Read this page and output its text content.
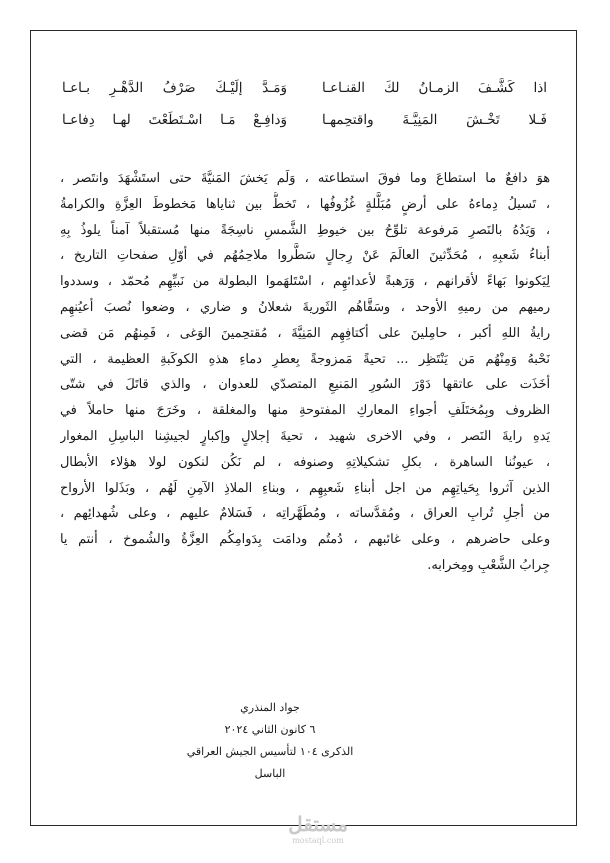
اذا كَشَّـفَ الزمـانُ لكَ القنـاعـا
وَمَـدَّ إلَيْـكَ صَرْفُ الدَّهْـرِ بـاعـا
فَـلا تَخْـشَ المَنِيَّـةَ واقتحِمهـا
وَدافِـعْ مَـا اسْـتَطَعْتَ لهـا دِفاعـا
هوَ دافعٌ ما استطاعَ وما فوقَ استطاعته ، وَلَم يَخشَ المَنيَّةَ حتى استَشْهَدَ وانتَصر ،
، تَسيلُ دِماءهُ على أرضٍ مُبَلَّلةٍ غُزُوفُها ، تَخطُّ بين ثناياها مَخطوطَ العِزَّةِ والكرامةُ
، وَيَدُهُ بالنَصرِ مَرفوعة تلوِّحُ بين خيوطِ الشَّمسِ ناسِجَةً منها مُستقبلاً آمناً يلوذُ بِهِ
أبناءُ شَعبِهِ ، مُحَدِّثينَ العالَمَ عَنْ رِجالٍ سَطَّروا ملاحِمُهُم في أوّلِ صفحاتِ التاريخ ،
لِيَكونوا بَهاءً لأقرانهم ، وَرَهبةً لأعدائهِم ، اسْتَلهَموا البطولة من نَبيِّهِم مُحمّد ، وسددوا
رميهم من رميهِ الأوحد ، وسَقَّاهُم الثَوريةَ شعلانُ و ضاري ، وضعوا نُصبَ أعيُنهِم
رايةُ اللهِ أكبر ، حامِلينَ على أكتافِهِم المَنِيَّةَ ، مُقتحِمينَ الوَغى ، فَمِنهُم مَن قضى
نَحْبهُ وَمِنْهُم مَن يَنْتَظِر ... تحيةً مَمزوجةً بِعطرِ دماءِ هذهِ الكوكَبةِ العظيمة ، التي
أخَذَت على عاتقها دَوْرَ السُورِ المَنيعِ المتصدّي للعدوان ، والذي قاتَلَ في شتّى
الظروف وبِمُختَلَفِ أجواءِ المعاركِ المفتوحةِ منها والمغلقة ، وخَرَجَ منها حاملاً في
يَدهِ رايةَ النَصر ، وفي الاخرى شهيد ، تحيةَ إجلالٍ وإكبارٍ لجيشِنا الباسِلِ المغوار
، عيونُنا الساهرة ، بكلِ تشكيلاتِهِ وصنوفه ، لم نَكُن لنكون لولا هؤلاء الأبطال
الذين آثروا بِحَياتِهِم من اجل أبناءِ شَعبِهِم ، وبناءِ الملاذِ الآمِنِ لَهُم ، وبَذَلوا الأرواح
من أجلِ تُرابِ العراق ، ومُقدَّساته ، ومُطَهَّراتِه ، فَسَلامٌ عليهم ، وعلى شُهدائِهم ،
وعلى حاضرهم ، وعلى غائبهم ، دُمتُم ودامَت بِدَوامِكُم العِزَّةُ والشُموخ ، أنتم يا
جِرابُ الشَّعْبِ ومِخرابه.
جواد المنذري
٦ كانون الثاني ٢٠٢٤
الذكرى ١٠٤ لتأسيس الجيش العراقي الباسل
مستقل
mostaql.com
